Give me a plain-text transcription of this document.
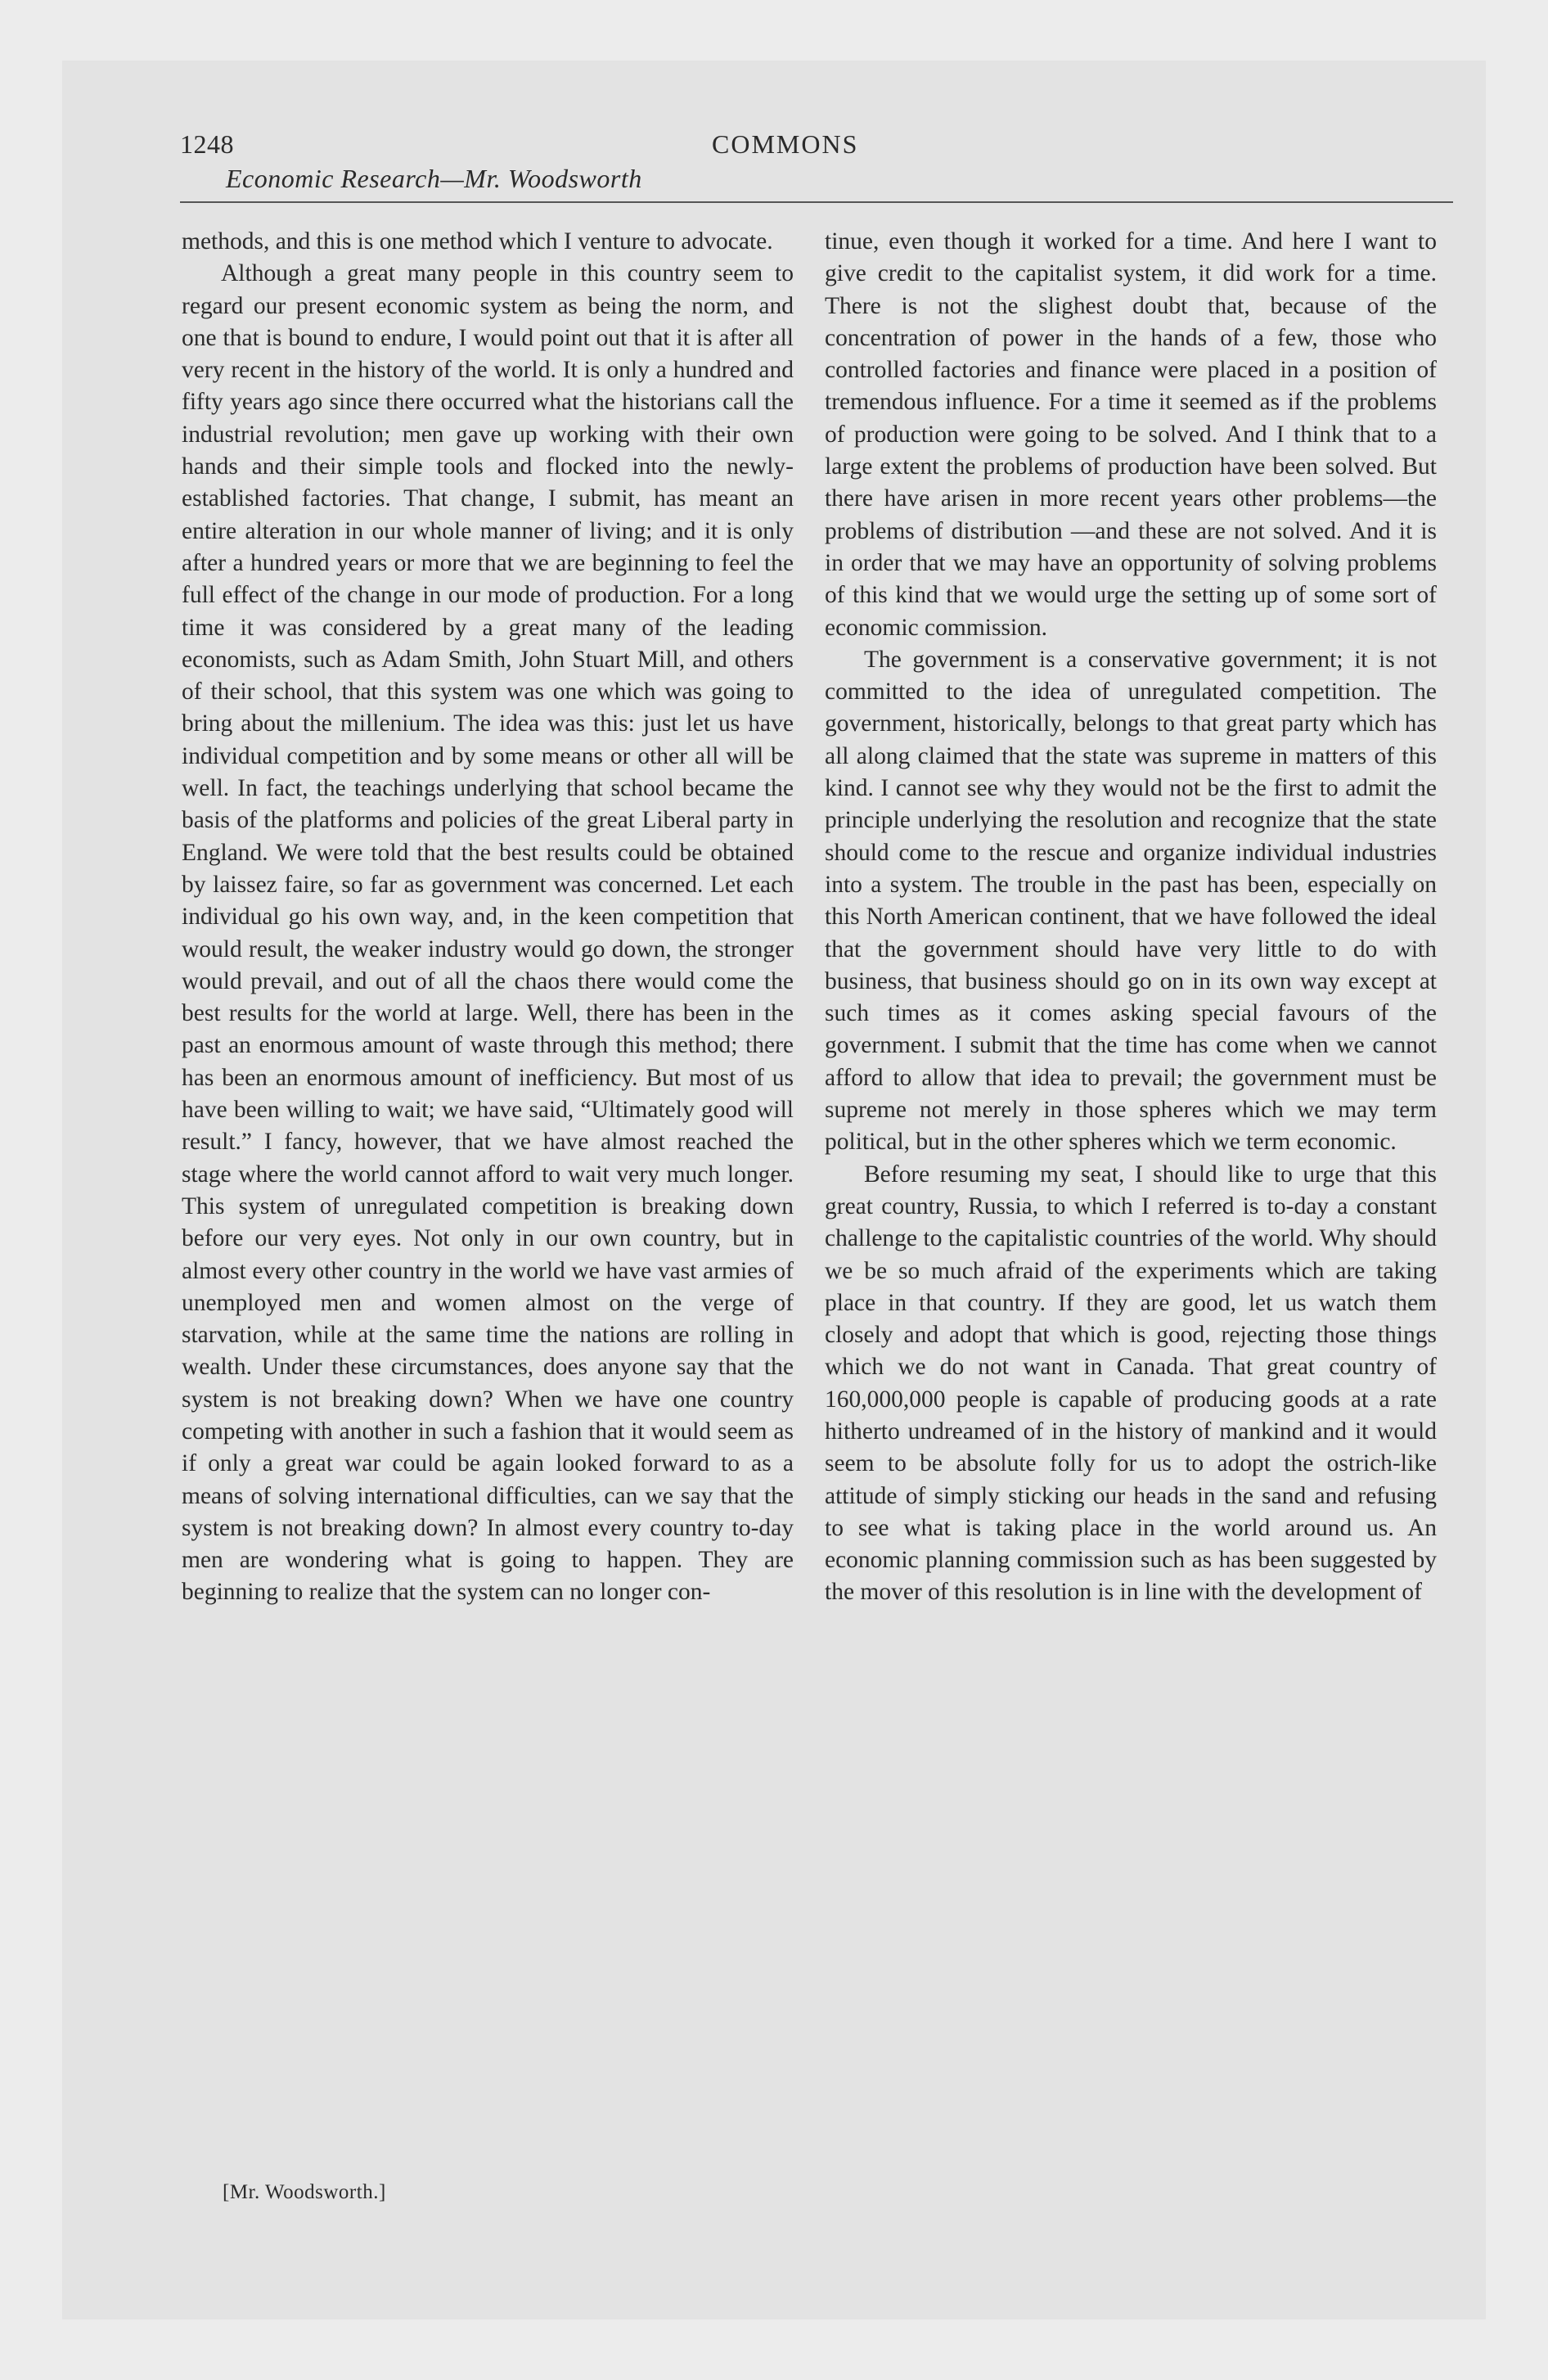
1248	COMMONS
Economic Research—Mr. Woodsworth

methods, and this is one method which I venture to advocate.

Although a great many people in this country seem to regard our present economic system as being the norm, and one that is bound to endure, I would point out that it is after all very recent in the history of the world. It is only a hundred and fifty years ago since there occurred what the historians call the industrial revolution; men gave up working with their own hands and their simple tools and flocked into the newly-established factories. That change, I submit, has meant an entire alteration in our whole manner of living; and it is only after a hundred years or more that we are beginning to feel the full effect of the change in our mode of production. For a long time it was considered by a great many of the leading economists, such as Adam Smith, John Stuart Mill, and others of their school, that this system was one which was going to bring about the millenium. The idea was this: just let us have individual competition and by some means or other all will be well. In fact, the teachings underlying that school became the basis of the platforms and policies of the great Liberal party in England. We were told that the best results could be obtained by laissez faire, so far as government was concerned. Let each individual go his own way, and, in the keen competition that would result, the weaker industry would go down, the stronger would prevail, and out of all the chaos there would come the best results for the world at large. Well, there has been in the past an enormous amount of waste through this method; there has been an enormous amount of inefficiency. But most of us have been willing to wait; we have said, “Ultimately good will result.” I fancy, however, that we have almost reached the stage where the world cannot afford to wait very much longer. This system of unregulated competition is breaking down before our very eyes. Not only in our own country, but in almost every other country in the world we have vast armies of unemployed men and women almost on the verge of starvation, while at the same time the nations are rolling in wealth. Under these circumstances, does anyone say that the system is not breaking down? When we have one country competing with another in such a fashion that it would seem as if only a great war could be again looked forward to as a means of solving international difficulties, can we say that the system is not breaking down? In almost every country to-day men are wondering what is going to happen. They are beginning to realize that the system can no longer con-

tinue, even though it worked for a time. And here I want to give credit to the capitalist system, it did work for a time. There is not the slighest doubt that, because of the concentration of power in the hands of a few, those who controlled factories and finance were placed in a position of tremendous influence. For a time it seemed as if the problems of production were going to be solved. And I think that to a large extent the problems of production have been solved. But there have arisen in more recent years other problems—the problems of distribution —and these are not solved. And it is in order that we may have an opportunity of solving problems of this kind that we would urge the setting up of some sort of economic commission.

The government is a conservative government; it is not committed to the idea of unregulated competition. The government, historically, belongs to that great party which has all along claimed that the state was supreme in matters of this kind. I cannot see why they would not be the first to admit the principle underlying the resolution and recognize that the state should come to the rescue and organize individual industries into a system. The trouble in the past has been, especially on this North American continent, that we have followed the ideal that the government should have very little to do with business, that business should go on in its own way except at such times as it comes asking special favours of the government. I submit that the time has come when we cannot afford to allow that idea to prevail; the government must be supreme not merely in those spheres which we may term political, but in the other spheres which we term economic.

Before resuming my seat, I should like to urge that this great country, Russia, to which I referred is to-day a constant challenge to the capitalistic countries of the world. Why should we be so much afraid of the experiments which are taking place in that country. If they are good, let us watch them closely and adopt that which is good, rejecting those things which we do not want in Canada. That great country of 160,000,000 people is capable of producing goods at a rate hitherto undreamed of in the history of mankind and it would seem to be absolute folly for us to adopt the ostrich-like attitude of simply sticking our heads in the sand and refusing to see what is taking place in the world around us. An economic planning commission such as has been suggested by the mover of this resolution is in line with the development of

[Mr. Woodsworth.]
